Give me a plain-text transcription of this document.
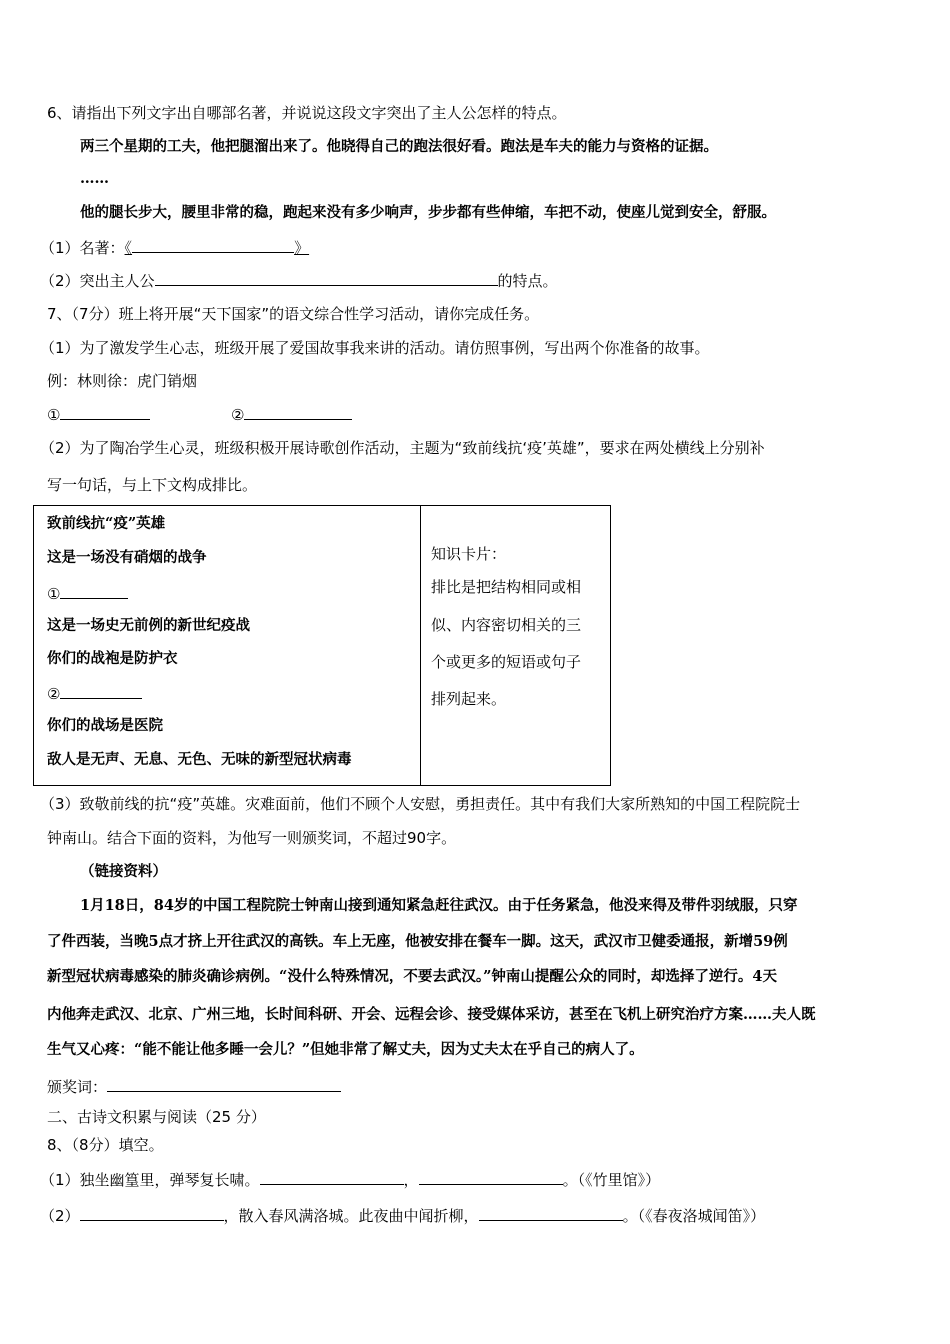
6、请指出下列文字出自哪部名著，并说说这段文字突出了主人公怎样的特点。
两三个星期的工夫，他把腿溜出来了。他晓得自己的跑法很好看。跑法是车夫的能力与资格的证据。
……
他的腿长步大，腰里非常的稳，跑起来没有多少响声，步步都有些伸缩，车把不动，使座儿觉到安全，舒服。
（1）名著：《	》
（2）突出主人公	的特点。
7、（7分）班上将开展“天下国家”的语文综合性学习活动，请你完成任务。
（1）为了激发学生心志，班级开展了爱国故事我来讲的活动。请仿照事例，写出两个你准备的故事。
例：林则徐：虎门销烟
①	②
（2）为了陶冶学生心灵，班级积极开展诗歌创作活动，主题为“致前线抗‘疫’英雄”，要求在两处横线上分别补
写一句话，与上下文构成排比。
致前线抗“疫”英雄
这是一场没有硝烟的战争
①
这是一场史无前例的新世纪疫战
你们的战袍是防护衣
②
你们的战场是医院
敌人是无声、无息、无色、无味的新型冠状病毒
知识卡片：
排比是把结构相同或相
似、内容密切相关的三
个或更多的短语或句子
排列起来。
（3）致敬前线的抗“疫”英雄。灾难面前，他们不顾个人安慰，勇担责任。其中有我们大家所熟知的中国工程院院士
钟南山。结合下面的资料，为他写一则颁奖词，不超过90字。
（链接资料）
1月18日，84岁的中国工程院院士钟南山接到通知紧急赶往武汉。由于任务紧急，他没来得及带件羽绒服，只穿
了件西装，当晚5点才挤上开往武汉的高铁。车上无座，他被安排在餐车一脚。这天，武汉市卫健委通报，新增59例
新型冠状病毒感染的肺炎确诊病例。“没什么特殊情况，不要去武汉。”钟南山提醒公众的同时，却选择了逆行。4天
内他奔走武汉、北京、广州三地，长时间科研、开会、远程会诊、接受媒体采访，甚至在飞机上研究治疗方案……夫人既
生气又心疼：“能不能让他多睡一会儿？”但她非常了解丈夫，因为丈夫太在乎自己的病人了。
颁奖词：
二、古诗文积累与阅读（25 分）
8、（8分）填空。
（1）独坐幽篁里，弹琴复长啸。	，	。（《竹里馆》）
（2）	，散入春风满洛城。此夜曲中闻折柳，	。（《春夜洛城闻笛》）
